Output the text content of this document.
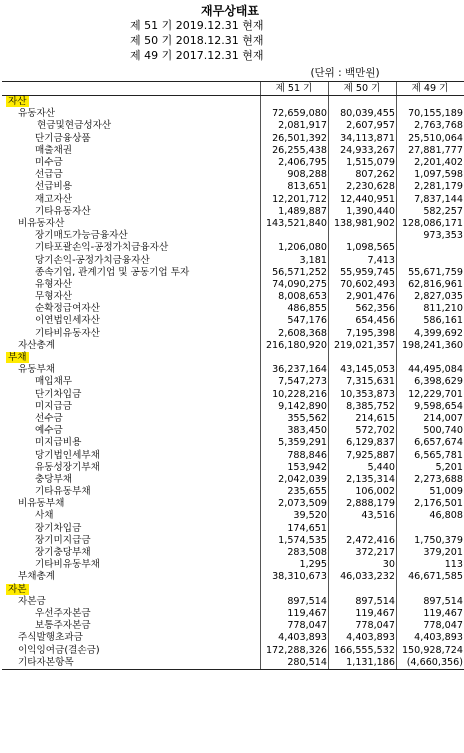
재무상태표
제 51 기 2019.12.31 현재
제 50 기 2018.12.31 현재
제 49 기 2017.12.31 현재
(단위 : 백만원)
	제 51 기	제 50 기	제 49 기
자산			
유동자산	72,659,080	80,039,455	70,155,189
현금및현금성자산	2,081,917	2,607,957	2,763,768
단기금융상품	26,501,392	34,113,871	25,510,064
매출채권	26,255,438	24,933,267	27,881,777
미수금	2,406,795	1,515,079	2,201,402
선급금	908,288	807,262	1,097,598
선급비용	813,651	2,230,628	2,281,179
재고자산	12,201,712	12,440,951	7,837,144
기타유동자산	1,489,887	1,390,440	582,257
비유동자산	143,521,840	138,981,902	128,086,171
장기매도가능금융자산			973,353
기타포괄손익-공정가치금융자산	1,206,080	1,098,565	
당기손익-공정가치금융자산	3,181	7,413	
종속기업, 관계기업 및 공동기업 투자	56,571,252	55,959,745	55,671,759
유형자산	74,090,275	70,602,493	62,816,961
무형자산	8,008,653	2,901,476	2,827,035
순확정급여자산	486,855	562,356	811,210
이연법인세자산	547,176	654,456	586,161
기타비유동자산	2,608,368	7,195,398	4,399,692
자산총계	216,180,920	219,021,357	198,241,360
부채			
유동부채	36,237,164	43,145,053	44,495,084
매입채무	7,547,273	7,315,631	6,398,629
단기차입금	10,228,216	10,353,873	12,229,701
미지급금	9,142,890	8,385,752	9,598,654
선수금	355,562	214,615	214,007
예수금	383,450	572,702	500,740
미지급비용	5,359,291	6,129,837	6,657,674
당기법인세부채	788,846	7,925,887	6,565,781
유동성장기부채	153,942	5,440	5,201
충당부채	2,042,039	2,135,314	2,273,688
기타유동부채	235,655	106,002	51,009
비유동부채	2,073,509	2,888,179	2,176,501
사채	39,520	43,516	46,808
장기차입금	174,651		
장기미지급금	1,574,535	2,472,416	1,750,379
장기충당부채	283,508	372,217	379,201
기타비유동부채	1,295	30	113
부채총계	38,310,673	46,033,232	46,671,585
자본			
자본금	897,514	897,514	897,514
우선주자본금	119,467	119,467	119,467
보통주자본금	778,047	778,047	778,047
주식발행초과금	4,403,893	4,403,893	4,403,893
이익잉여금(결손금)	172,288,326	166,555,532	150,928,724
기타자본항목	280,514	1,131,186	(4,660,356)
